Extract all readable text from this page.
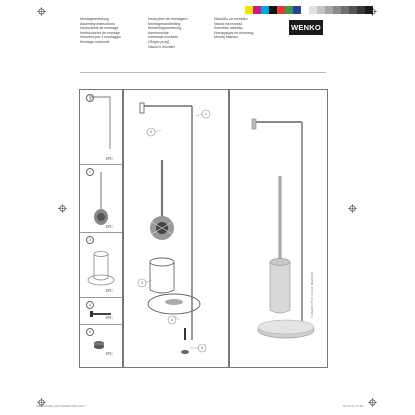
Montageanleitung
Assembly instructions
Instructions de montage
Instrucciones de montaje
Istruzioni per il montaggio
Montage-instructie
Instruções de montagem
Montagehandleiding
Monteringsanvisning
Asennusohje
Instrukcja montażu
Οδηγία ροτήζ
Návod k montáži
Navodilo za montažo
Návod na montáž
Szerelési utasítás
Инструкция по монтажу
Montaj bilansıs
WENKO
1
1PC
2
1PC
3
1PC
4
1PC
5
1PC
1
2
3
4
5
© WENKO 07/21 / 21422_MA200308
WENKO-MA_WC-GARNITUR.indd 1	07.07.21 17:48
